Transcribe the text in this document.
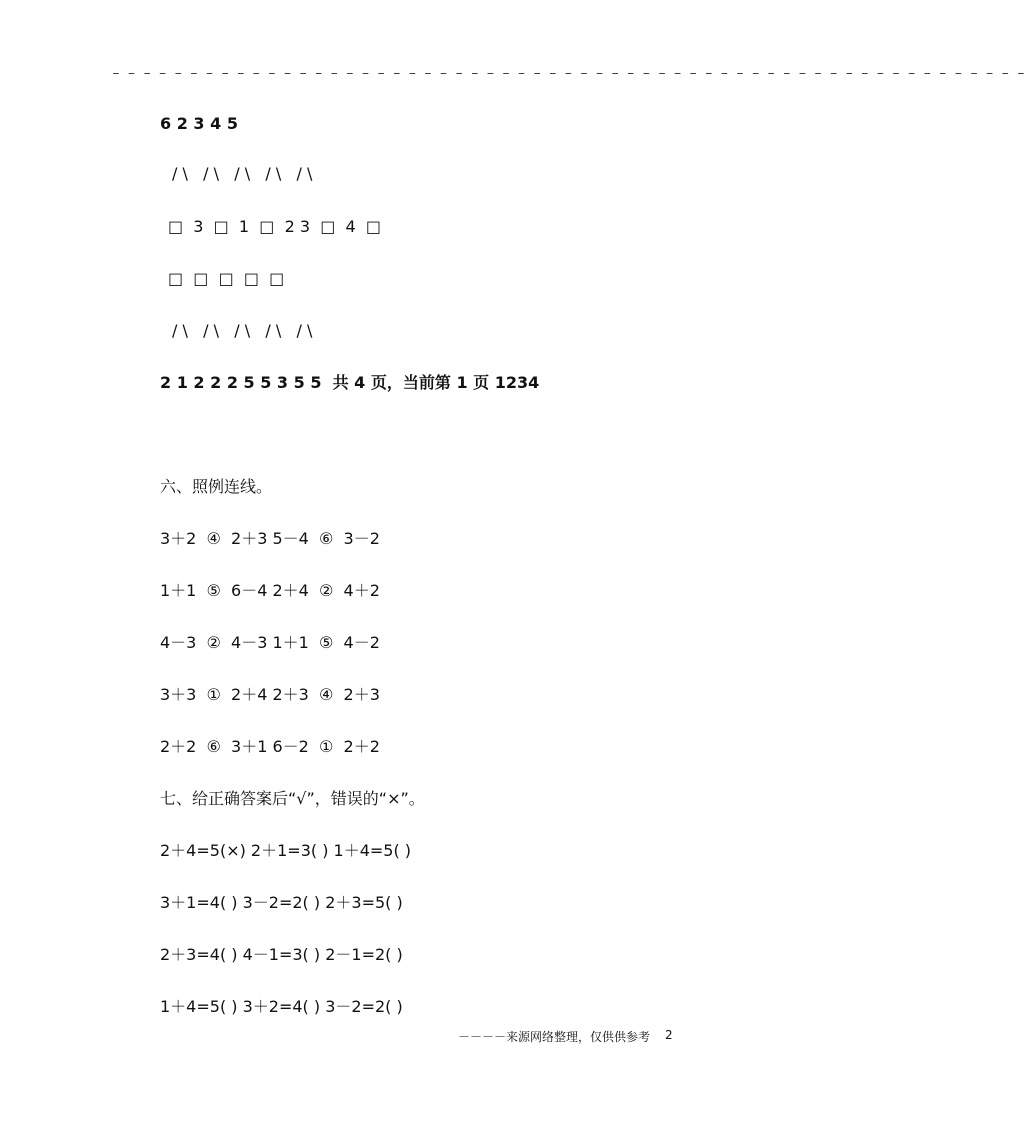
– – – – – – – – – – – – – – – – – – – – – – – – – – – – – – – – – – – – – – – – – – – – – – – – – – – – – – – – – – –
6 2 3 4 5
/ \   / \   / \   / \   / \
□  3  □  1  □  2 3  □  4  □
□  □  □  □  □
/ \   / \   / \   / \   / \
2 1 2 2 2 5 5 3 5 5  共 4 页，当前第 1 页 1234
六、照例连线。
3＋2  ④  2＋3 5－4  ⑥  3－2
1＋1  ⑤  6－4 2＋4  ②  4＋2
4－3  ②  4－3 1＋1  ⑤  4－2
3＋3  ①  2＋4 2＋3  ④  2＋3
2＋2  ⑥  3＋1 6－2  ①  2＋2
七、给正确答案后“√”，错误的“×”。
2＋4=5(×) 2＋1=3( ) 1＋4=5( )
3＋1=4( ) 3－2=2( ) 2＋3=5( )
2＋3=4( ) 4－1=3( ) 2－1=2( )
1＋4=5( ) 3＋2=4( ) 3－2=2( )
－－－－来源网络整理，仅供供参考 2
